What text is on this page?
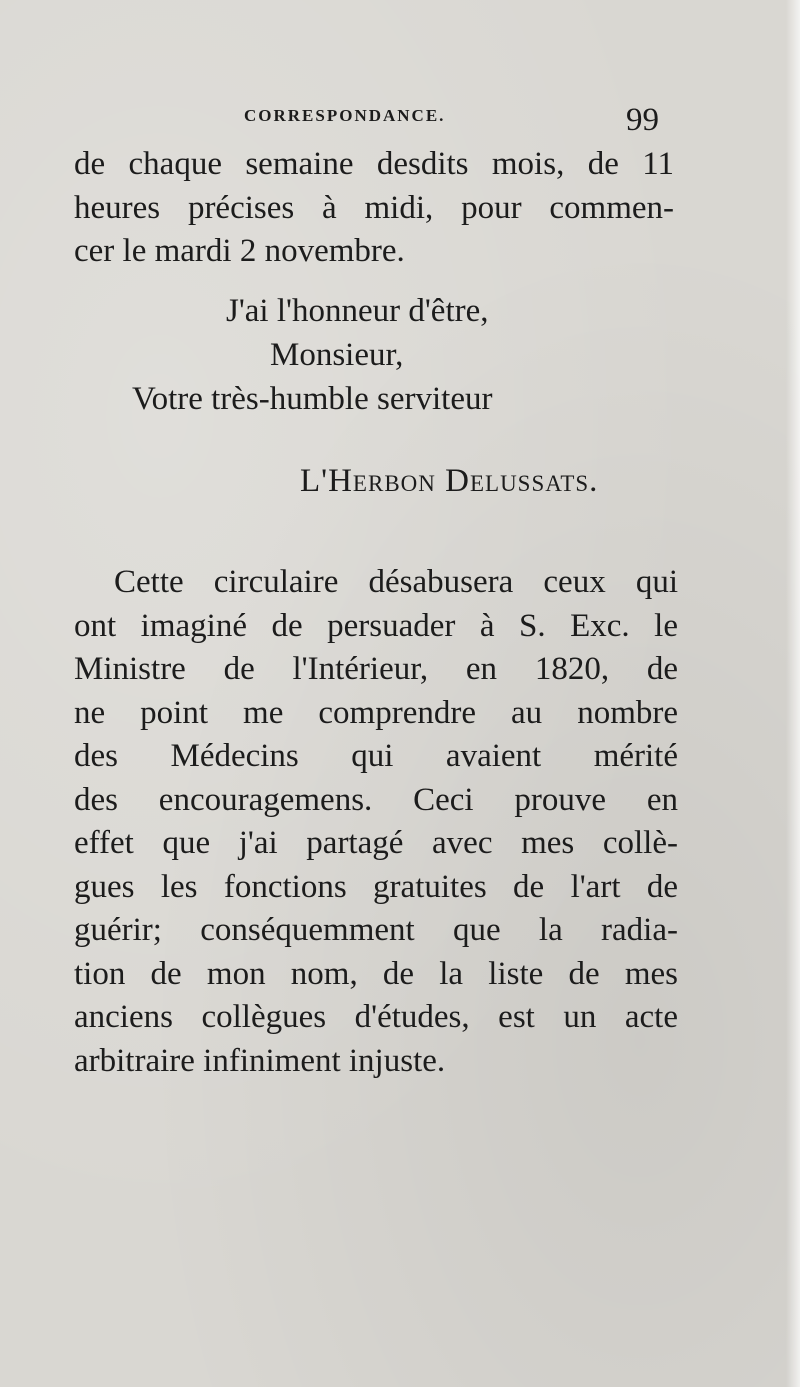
CORRESPONDANCE.	99
de chaque semaine desdits mois, de 11
heures précises à midi, pour commen-
cer le mardi 2 novembre.
J'ai l'honneur d'être,
Monsieur,
Votre très-humble serviteur
L'Herbon Delussats.
Cette circulaire désabusera ceux qui
ont imaginé de persuader à S. Exc. le
Ministre de l'Intérieur, en 1820, de
ne point me comprendre au nombre
des Médecins qui avaient mérité
des encouragemens. Ceci prouve en
effet que j'ai partagé avec mes collè-
gues les fonctions gratuites de l'art de
guérir; conséquemment que la radia-
tion de mon nom, de la liste de mes
anciens collègues d'études, est un acte
arbitraire infiniment injuste.
